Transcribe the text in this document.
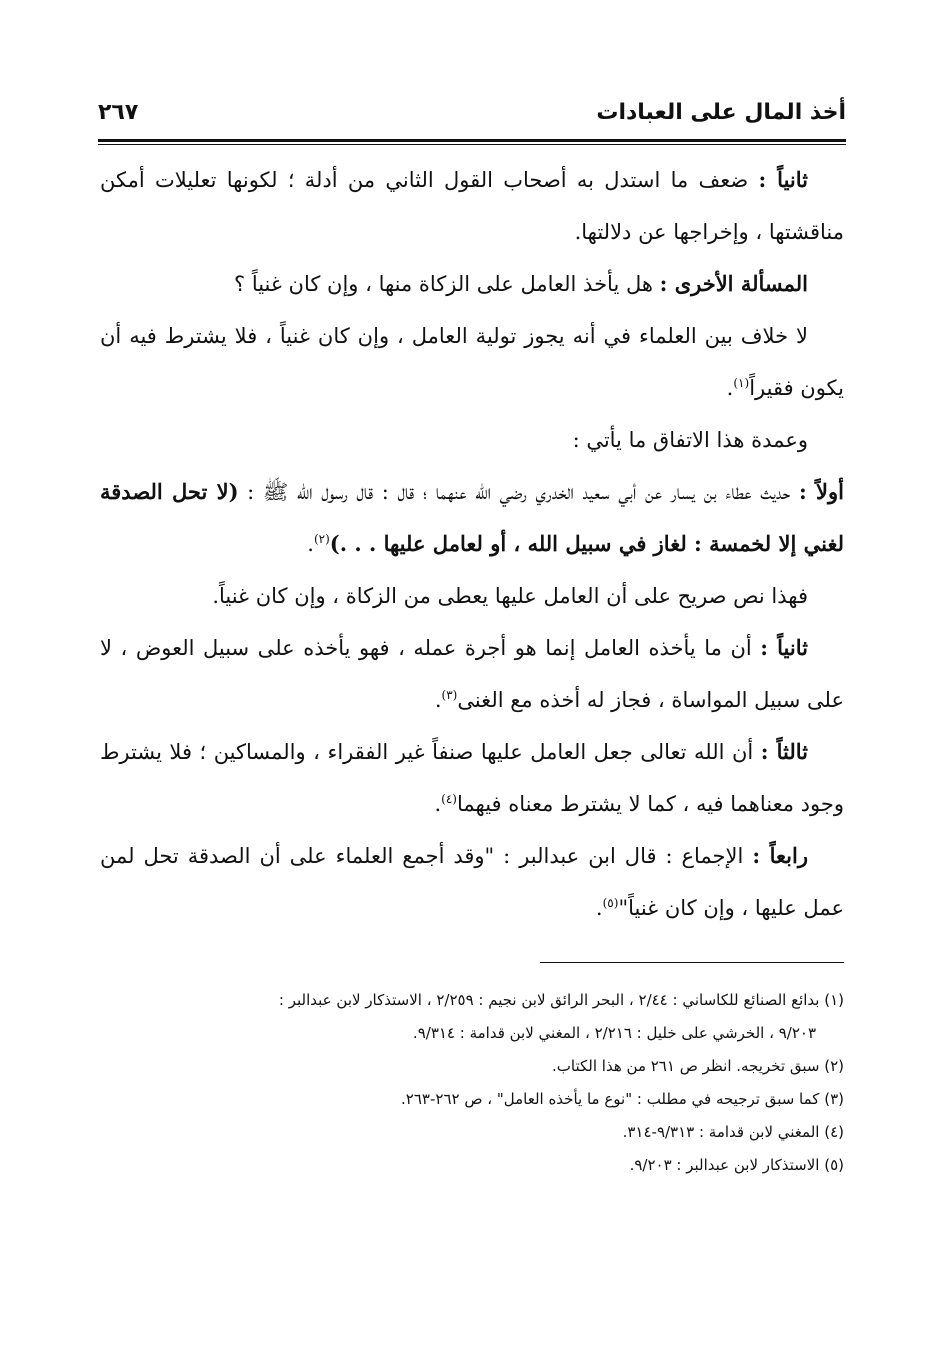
أخذ المال على العبادات
٢٦٧

ثانياً : ضعف ما استدل به أصحاب القول الثاني من أدلة ؛ لكونها تعليلات أمكن مناقشتها ، وإخراجها عن دلالتها.

المسألة الأخرى : هل يأخذ العامل على الزكاة منها ، وإن كان غنياً ؟

لا خلاف بين العلماء في أنه يجوز تولية العامل ، وإن كان غنياً ، فلا يشترط فيه أن يكون فقيراً$^{(١)}$.

وعمدة هذا الاتفاق ما يأتي :

أولاً : حديث عطاء بن يسار عن أبي سعيد الخدري رضي الله عنهما ؛ قال : قال رسول الله ﷺ : (لا تحل الصدقة لغني إلا لخمسة : لغاز في سبيل الله ، أو لعامل عليها . . .)$^{(٢)}$.

فهذا نص صريح على أن العامل عليها يعطى من الزكاة ، وإن كان غنياً.

ثانياً : أن ما يأخذه العامل إنما هو أجرة عمله ، فهو يأخذه على سبيل العوض ، لا على سبيل المواساة ، فجاز له أخذه مع الغنى$^{(٣)}$.

ثالثاً : أن الله تعالى جعل العامل عليها صنفاً غير الفقراء ، والمساكين ؛ فلا يشترط وجود معناهما فيه ، كما لا يشترط معناه فيهما$^{(٤)}$.

رابعاً : الإجماع : قال ابن عبدالبر : "وقد أجمع العلماء على أن الصدقة تحل لمن عمل عليها ، وإن كان غنياً"$^{(٥)}$.

(١) بدائع الصنائع للكاساني : ٢/٤٤ ، البحر الرائق لابن نجيم : ٢/٢٥٩ ، الاستذكار لابن عبدالبر :

٩/٢٠٣ ، الخرشي على خليل : ٢/٢١٦ ، المغني لابن قدامة : ٩/٣١٤.

(٢) سبق تخريجه. انظر ص ٢٦١ من هذا الكتاب.

(٣) كما سبق ترجيحه في مطلب : "نوع ما يأخذه العامل" ، ص ٢٦٢-٢٦٣.

(٤) المغني لابن قدامة : ٩/٣١٣-٣١٤.

(٥) الاستذكار لابن عبدالبر : ٩/٢٠٣.
